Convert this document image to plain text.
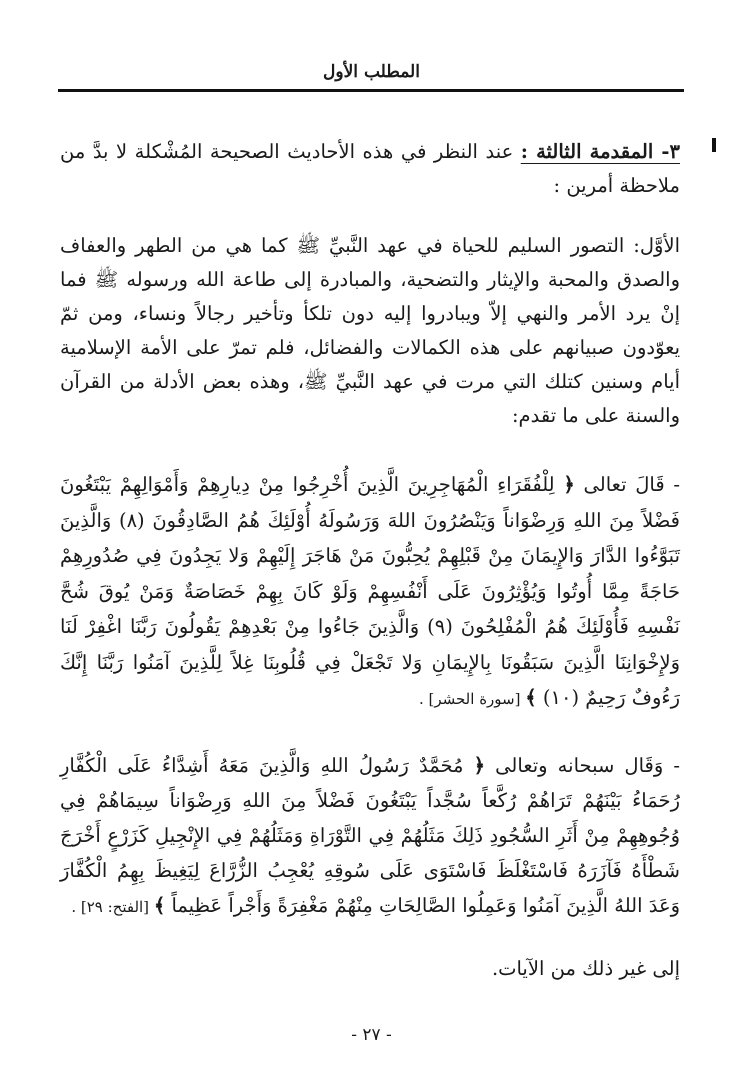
المطلب الأول
٣- المقدمة الثالثة : عند النظر في هذه الأحاديث الصحيحة المُشْكلة لا بدَّ من ملاحظة أمرين :
الأوَّل: التصور السليم للحياة في عهد النَّبيِّ ﷺ كما هي من الطهر والعفاف والصدق والمحبة والإيثار والتضحية، والمبادرة إلى طاعة الله ورسوله ﷺ فما إنْ يرد الأمر والنهي إلاّ ويبادروا إليه دون تلكأ وتأخير رجالاً ونساء، ومن ثمّ يعوّدون صبيانهم على هذه الكمالات والفضائل، فلم تمرّ على الأمة الإسلامية أيام وسنين كتلك التي مرت في عهد النَّبيِّ ﷺ، وهذه بعض الأدلة من القرآن والسنة على ما تقدم:
- قَالَ تعالى ﴿ لِلْفُقَرَاءِ الْمُهَاجِرِينَ الَّذِينَ أُخْرِجُوا مِنْ دِيارِهِمْ وَأَمْوَالِهِمْ يَبْتَغُونَ فَضْلاً مِنَ اللهِ وَرِضْوَاناً وَيَنْصُرُونَ اللهَ وَرَسُولَهُ أُوْلَئِكَ هُمُ الصَّادِقُونَ (٨) وَالَّذِينَ تَبَوَّءُوا الدَّارَ وَالإِيمَانَ مِنْ قَبْلِهِمْ يُحِبُّونَ مَنْ هَاجَرَ إِلَيْهِمْ وَلا يَجِدُونَ فِي صُدُورِهِمْ حَاجَةً مِمَّا أُوتُوا وَيُؤْثِرُونَ عَلَى أَنْفُسِهِمْ وَلَوْ كَانَ بِهِمْ خَصَاصَةٌ وَمَنْ يُوقَ شُحَّ نَفْسِهِ فَأُوْلَئِكَ هُمُ الْمُفْلِحُونَ (٩) وَالَّذِينَ جَاءُوا مِنْ بَعْدِهِمْ يَقُولُونَ رَبَّنَا اغْفِرْ لَنَا وَلإِخْوَانِنَا الَّذِينَ سَبَقُونَا بِالإِيمَانِ وَلا تَجْعَلْ فِي قُلُوبِنَا غِلاً لِلَّذِينَ آمَنُوا رَبَّنَا إِنَّكَ رَءُوفٌ رَحِيمٌ (١٠) ﴾ [سورة الحشر] .
- وَقَال سبحانه وتعالى ﴿ مُحَمَّدٌ رَسُولُ اللهِ وَالَّذِينَ مَعَهُ أَشِدَّاءُ عَلَى الْكُفَّارِ رُحَمَاءُ بَيْنَهُمْ تَرَاهُمْ رُكَّعاً سُجَّداً يَبْتَغُونَ فَضْلاً مِنَ اللهِ وَرِضْوَاناً سِيمَاهُمْ فِي وُجُوهِهِمْ مِنْ أَثَرِ السُّجُودِ ذَلِكَ مَثَلُهُمْ فِي التَّوْرَاةِ وَمَثَلُهُمْ فِي الإِنْجِيلِ كَزَرْعٍ أَخْرَجَ شَطْأَهُ فَآزَرَهُ فَاسْتَغْلَظَ فَاسْتَوَى عَلَى سُوقِهِ يُعْجِبُ الزُّرَّاعَ لِيَغِيظَ بِهِمُ الْكُفَّارَ وَعَدَ اللهُ الَّذِينَ آمَنُوا وَعَمِلُوا الصَّالِحَاتِ مِنْهُمْ مَغْفِرَةً وَأَجْراً عَظِيماً ﴾ [الفتح: ٢٩] .
إلى غير ذلك من الآيات.
- ٢٧ -
